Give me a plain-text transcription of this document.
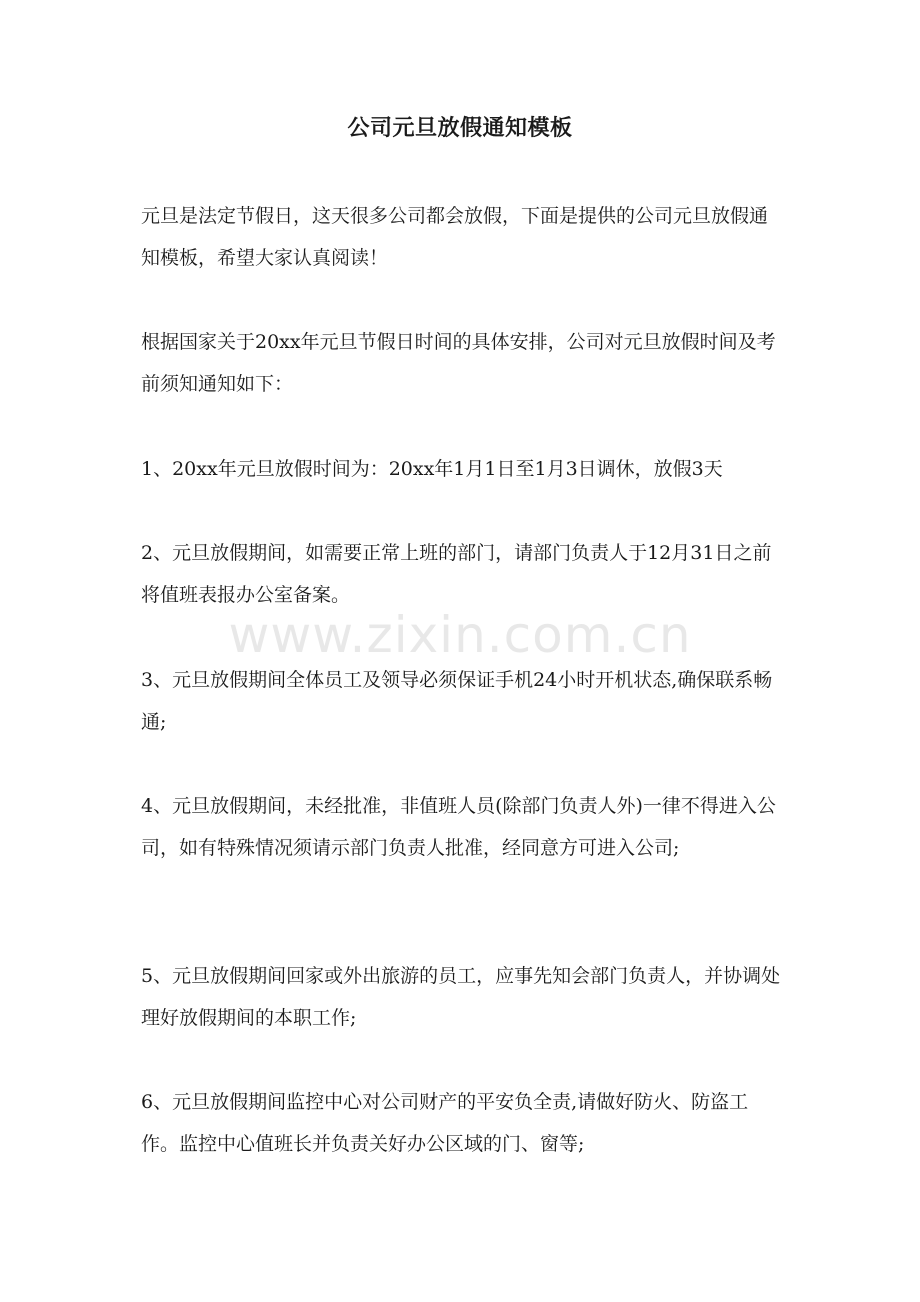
公司元旦放假通知模板

元旦是法定节假日，这天很多公司都会放假，下面是提供的公司元旦放假通知模板，希望大家认真阅读！

根据国家关于20xx年元旦节假日时间的具体安排，公司对元旦放假时间及考前须知通知如下：

1、20xx年元旦放假时间为：20xx年1月1日至1月3日调休，放假3天

2、元旦放假期间，如需要正常上班的部门，请部门负责人于12月31日之前将值班表报办公室备案。

3、元旦放假期间全体员工及领导必须保证手机24小时开机状态,确保联系畅通;

4、元旦放假期间，未经批准，非值班人员(除部门负责人外)一律不得进入公司，如有特殊情况须请示部门负责人批准，经同意方可进入公司;

5、元旦放假期间回家或外出旅游的员工，应事先知会部门负责人，并协调处理好放假期间的本职工作;

6、元旦放假期间监控中心对公司财产的平安负全责,请做好防火、防盗工作。监控中心值班长并负责关好办公区域的门、窗等;

www.zixin.com.cn
